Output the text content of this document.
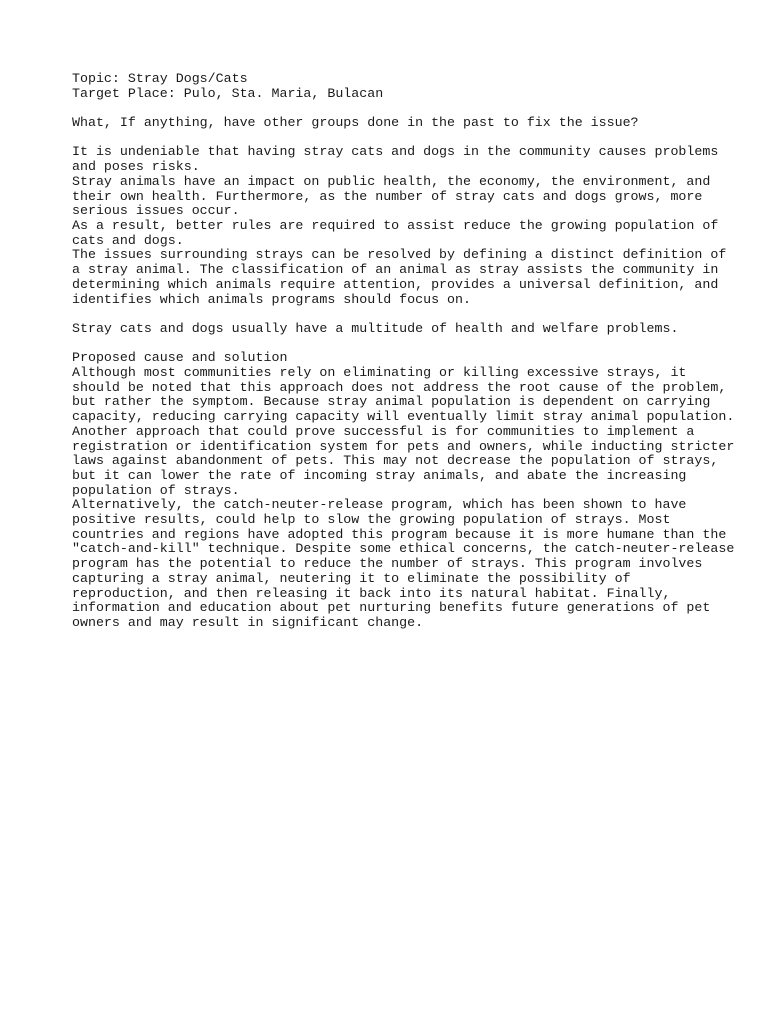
Topic: Stray Dogs/Cats
Target Place: Pulo, Sta. Maria, Bulacan
What, If anything, have other groups done in the past to fix the issue?
It is undeniable that having stray cats and dogs in the community causes problems
and poses risks.
Stray animals have an impact on public health, the economy, the environment, and
their own health. Furthermore, as the number of stray cats and dogs grows, more
serious issues occur.
As a result, better rules are required to assist reduce the growing population of
cats and dogs.
The issues surrounding strays can be resolved by defining a distinct definition of
a stray animal. The classification of an animal as stray assists the community in
determining which animals require attention, provides a universal definition, and
identifies which animals programs should focus on.
Stray cats and dogs usually have a multitude of health and welfare problems.
Proposed cause and solution
Although most communities rely on eliminating or killing excessive strays, it
should be noted that this approach does not address the root cause of the problem,
but rather the symptom. Because stray animal population is dependent on carrying
capacity, reducing carrying capacity will eventually limit stray animal population.
Another approach that could prove successful is for communities to implement a
registration or identification system for pets and owners, while inducting stricter
laws against abandonment of pets. This may not decrease the population of strays,
but it can lower the rate of incoming stray animals, and abate the increasing
population of strays.
Alternatively, the catch-neuter-release program, which has been shown to have
positive results, could help to slow the growing population of strays. Most
countries and regions have adopted this program because it is more humane than the
"catch-and-kill" technique. Despite some ethical concerns, the catch-neuter-release
program has the potential to reduce the number of strays. This program involves
capturing a stray animal, neutering it to eliminate the possibility of
reproduction, and then releasing it back into its natural habitat. Finally,
information and education about pet nurturing benefits future generations of pet
owners and may result in significant change.
